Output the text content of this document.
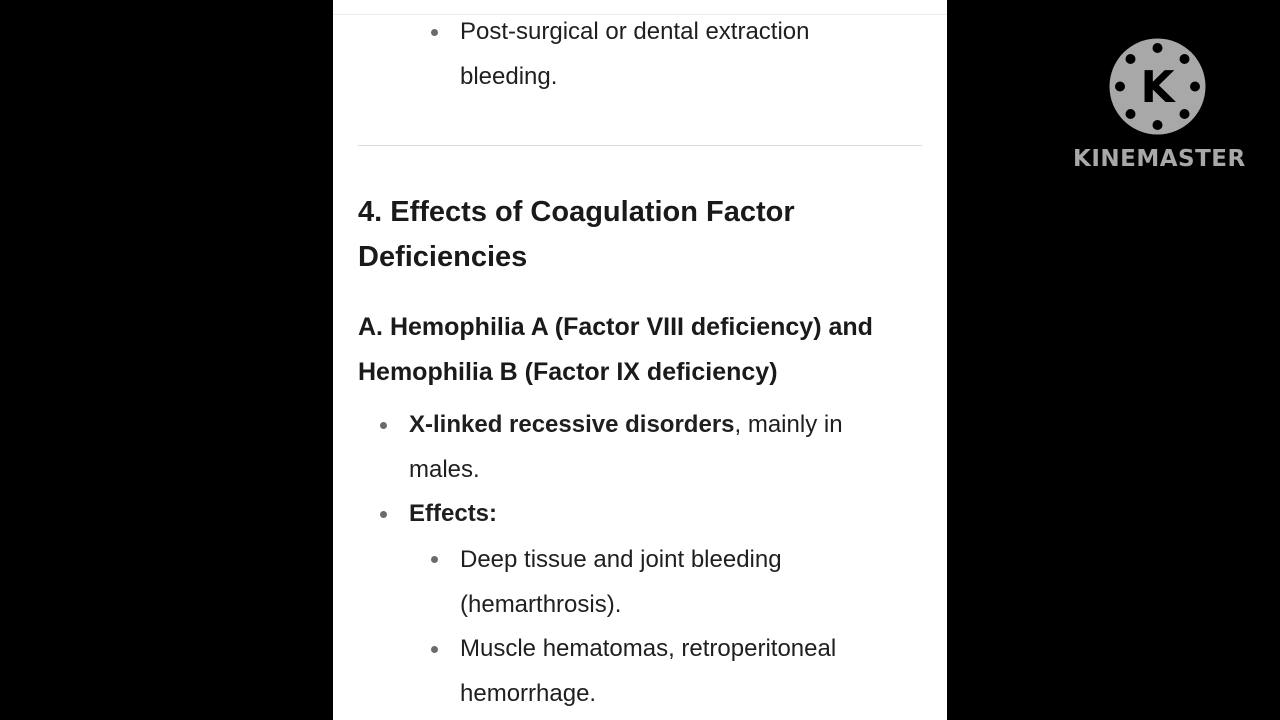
Post-surgical or dental extraction
bleeding.
4. Effects of Coagulation Factor
Deficiencies
A. Hemophilia A (Factor VIII deficiency) and
Hemophilia B (Factor IX deficiency)
X-linked recessive disorders, mainly in
males.
Effects:
Deep tissue and joint bleeding
(hemarthrosis).
Muscle hematomas, retroperitoneal
hemorrhage.
K
KINEMASTER
